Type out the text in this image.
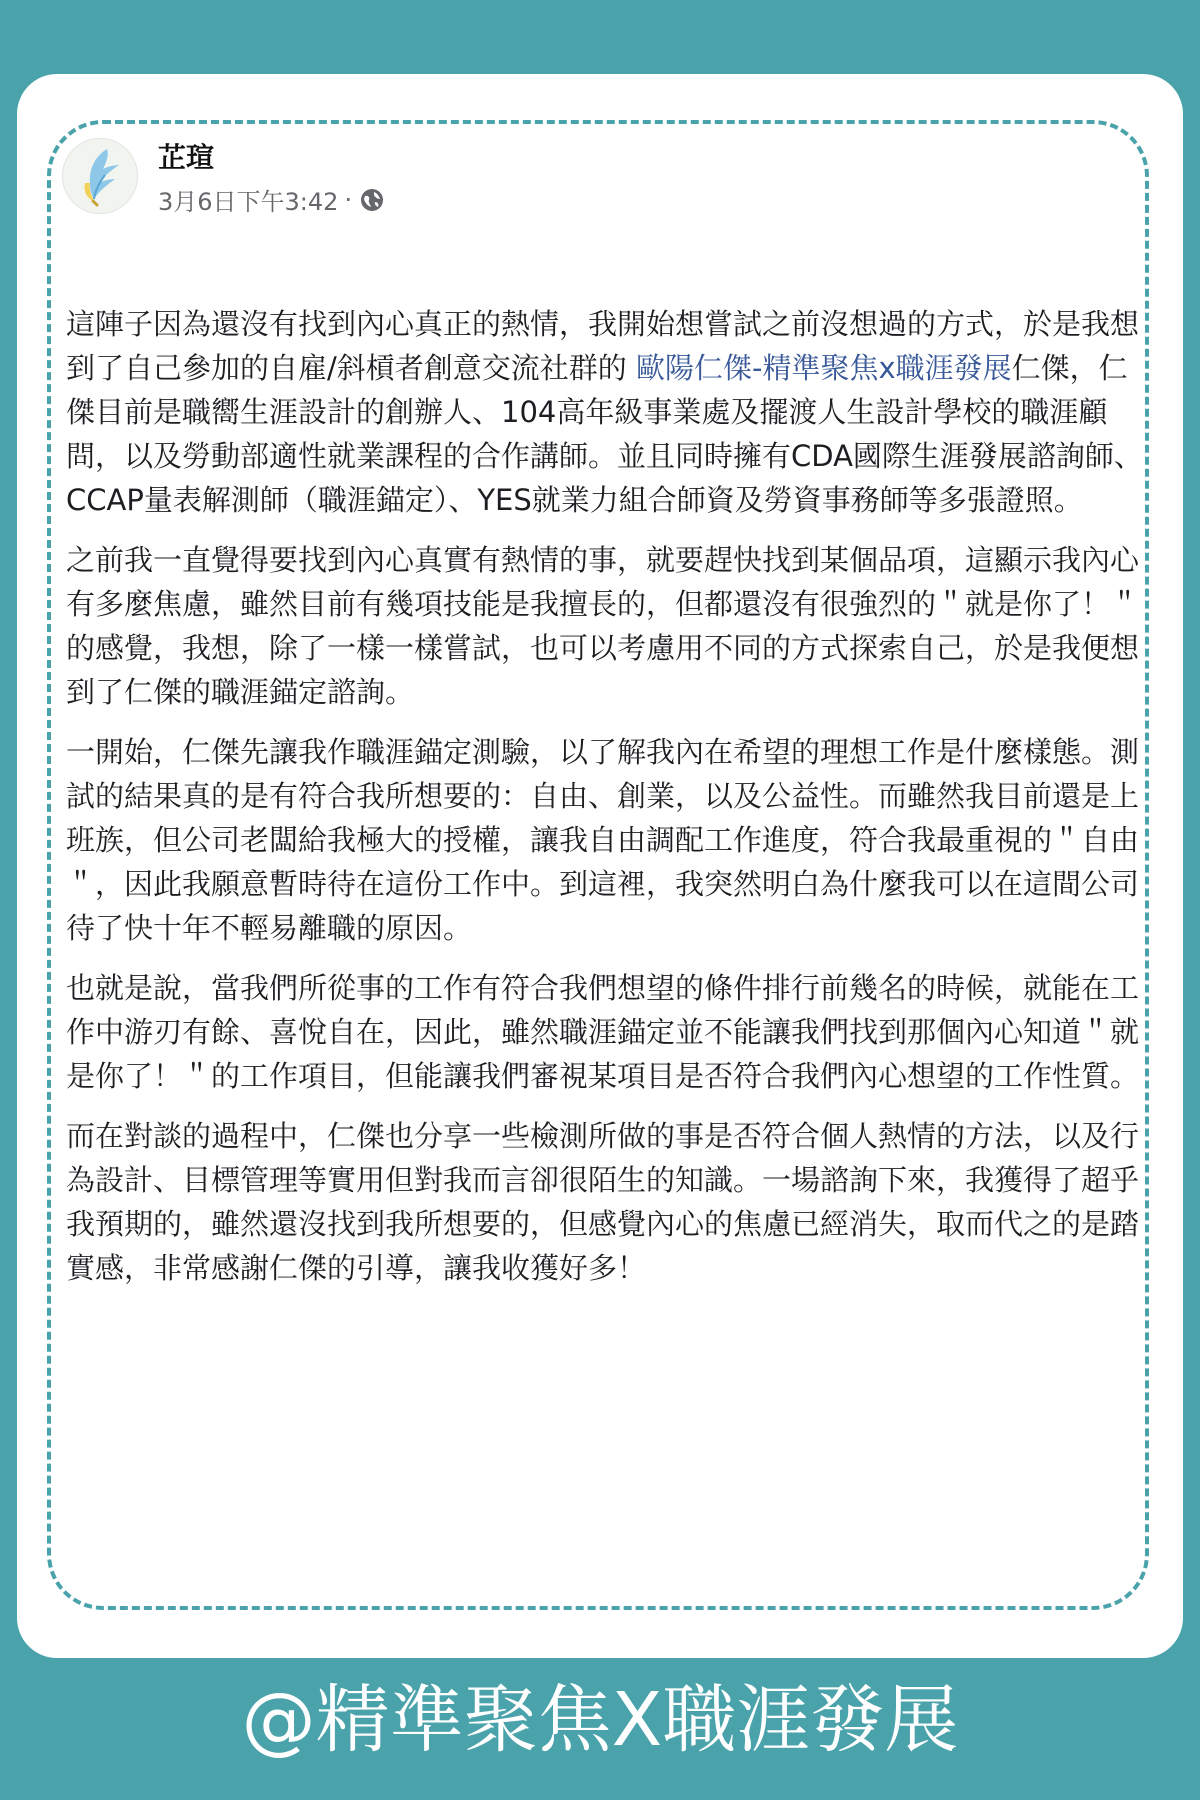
芷瑄
3月6日下午3:42 ·

這陣子因為還沒有找到內心真正的熱情，我開始想嘗試之前沒想過的方式，於是我想到了自己參加的自雇/斜槓者創意交流社群的 歐陽仁傑-精準聚焦x職涯發展仁傑，仁傑目前是職嚮生涯設計的創辦人、104高年級事業處及擺渡人生設計學校的職涯顧問，以及勞動部適性就業課程的合作講師。並且同時擁有CDA國際生涯發展諮詢師、CCAP量表解測師（職涯錨定）、YES就業力組合師資及勞資事務師等多張證照。

之前我一直覺得要找到內心真實有熱情的事，就要趕快找到某個品項，這顯示我內心有多麼焦慮，雖然目前有幾項技能是我擅長的，但都還沒有很強烈的＂就是你了！＂的感覺，我想，除了一樣一樣嘗試，也可以考慮用不同的方式探索自己，於是我便想到了仁傑的職涯錨定諮詢。

一開始，仁傑先讓我作職涯錨定測驗，以了解我內在希望的理想工作是什麼樣態。測試的結果真的是有符合我所想要的：自由、創業，以及公益性。而雖然我目前還是上班族，但公司老闆給我極大的授權，讓我自由調配工作進度，符合我最重視的＂自由＂，因此我願意暫時待在這份工作中。到這裡，我突然明白為什麼我可以在這間公司待了快十年不輕易離職的原因。

也就是說，當我們所從事的工作有符合我們想望的條件排行前幾名的時候，就能在工作中游刃有餘、喜悅自在，因此，雖然職涯錨定並不能讓我們找到那個內心知道＂就是你了！＂的工作項目，但能讓我們審視某項目是否符合我們內心想望的工作性質。

而在對談的過程中，仁傑也分享一些檢測所做的事是否符合個人熱情的方法，以及行為設計、目標管理等實用但對我而言卻很陌生的知識。一場諮詢下來，我獲得了超乎我預期的，雖然還沒找到我所想要的，但感覺內心的焦慮已經消失，取而代之的是踏實感，非常感謝仁傑的引導，讓我收獲好多！

@精準聚焦X職涯發展
